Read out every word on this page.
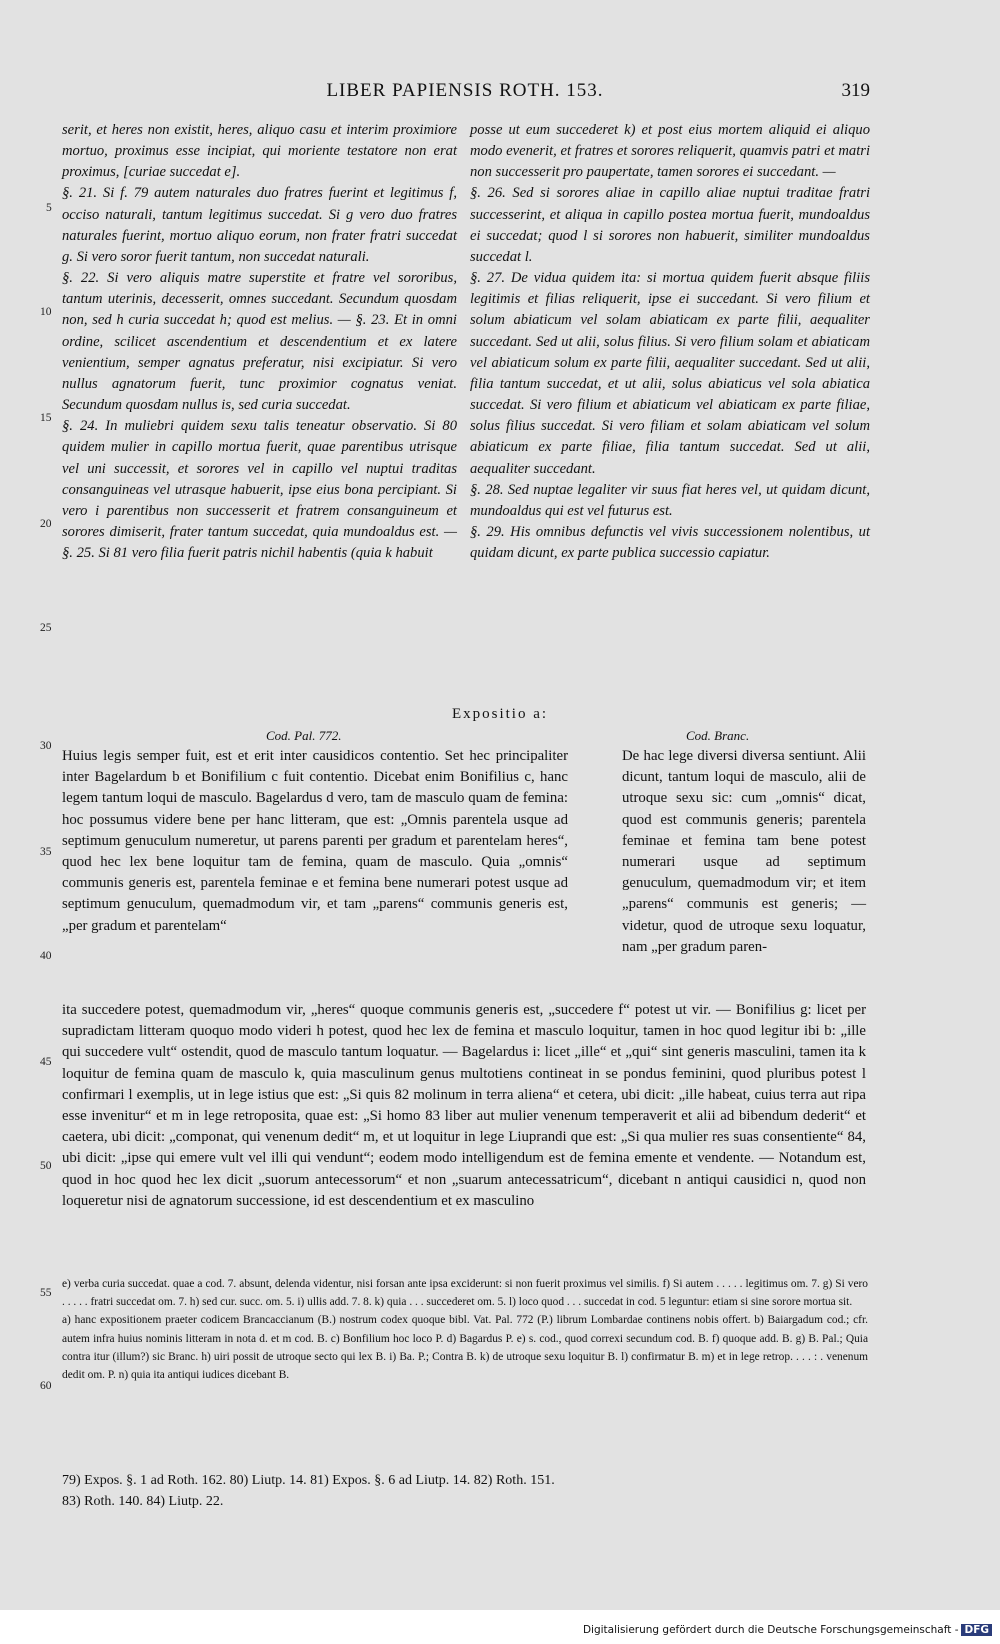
LIBER PAPIENSIS ROTH. 153.	319

serit, et heres non existit, heres, aliquo casu et interim proximiore mortuo, proximus esse incipiat, qui moriente testatore non erat proximus, [curiae succedat e].

§. 21. Si f. 79 autem naturales duo fratres fuerint et legitimus f, occiso naturali, tantum legitimus succedat. Si g vero duo fratres naturales fuerint, mortuo aliquo eorum, non frater fratri succedat g. Si vero soror fuerit tantum, non succedat naturali.

§. 22. Si vero aliquis matre superstite et fratre vel sororibus, tantum uterinis, decesserit, omnes succedant. Secundum quosdam non, sed h curia succedat h; quod est melius. — §. 23. Et in omni ordine, scilicet ascendentium et descendentium et ex latere venientium, semper agnatus preferatur, nisi excipiatur. Si vero nullus agnatorum fuerit, tunc proximior cognatus veniat. Secundum quosdam nullus is, sed curia succedat.

§. 24. In muliebri quidem sexu talis teneatur observatio. Si 80 quidem mulier in capillo mortua fuerit, quae parentibus utrisque vel uni successit, et sorores vel in capillo vel nuptui traditas consanguineas vel utrasque habuerit, ipse eius bona percipiant. Si vero i parentibus non successerit et fratrem consanguineum et sorores dimiserit, frater tantum succedat, quia mundoaldus est. — §. 25. Si 81 vero filia fuerit patris nichil habentis (quia k habuit

posse ut eum succederet k) et post eius mortem aliquid ei aliquo modo evenerit, et fratres et sorores reliquerit, quamvis patri et matri non successerit pro paupertate, tamen sorores ei succedant. —

§. 26. Sed si sorores aliae in capillo aliae nuptui traditae fratri successerint, et aliqua in capillo postea mortua fuerit, mundoaldus ei succedat; quod l si sorores non habuerit, similiter mundoaldus succedat l.

§. 27. De vidua quidem ita: si mortua quidem fuerit absque filiis legitimis et filias reliquerit, ipse ei succedant. Si vero filium et solum abiaticum vel solam abiaticam ex parte filii, aequaliter succedant. Sed ut alii, solus filius. Si vero filium solam et abiaticam vel abiaticum solum ex parte filii, aequaliter succedant. Sed ut alii, filia tantum succedat, et ut alii, solus abiaticus vel sola abiatica succedat. Si vero filium et abiaticum vel abiaticam ex parte filiae, solus filius succedat. Si vero filiam et solam abiaticam vel solum abiaticum ex parte filiae, filia tantum succedat. Sed ut alii, aequaliter succedant.

§. 28. Sed nuptae legaliter vir suus fiat heres vel, ut quidam dicunt, mundoaldus qui est vel futurus est.

§. 29. His omnibus defunctis vel vivis successionem nolentibus, ut quidam dicunt, ex parte publica successio capiatur.

5
10
15
20
25
30
35
40
45
50
55
60
Expositio a:
Cod. Pal. 772.	Cod. Branc.
Huius legis semper fuit, est et erit inter causidicos contentio. Set hec principaliter inter Bagelardum b et Bonifilium c fuit contentio. Dicebat enim Bonifilius c, hanc legem tantum loqui de masculo. Bagelardus d vero, tam de masculo quam de femina: hoc possumus videre bene per hanc litteram, que est: „Omnis parentela usque ad septimum genuculum numeretur, ut parens parenti per gradum et parentelam heres“, quod hec lex bene loquitur tam de femina, quam de masculo. Quia „omnis“ communis generis est, parentela feminae e et femina bene numerari potest usque ad septimum genuculum, quemadmodum vir, et tam „parens“ communis generis est, „per gradum et parentelam“
De hac lege diversi diversa sentiunt. Alii dicunt, tantum loqui de masculo, alii de utroque sexu sic: cum „omnis“ dicat, quod est communis generis; parentela feminae et femina tam bene potest numerari usque ad septimum genuculum, quemadmodum vir; et item „parens“ communis est generis; — videtur, quod de utroque sexu loquatur, nam „per gradum paren-
ita succedere potest, quemadmodum vir, „heres“ quoque communis generis est, „succedere f“ potest ut vir. — Bonifilius g: licet per supradictam litteram quoquo modo videri h potest, quod hec lex de femina et masculo loquitur, tamen in hoc quod legitur ibi b: „ille qui succedere vult“ ostendit, quod de masculo tantum loquatur. — Bagelardus i: licet „ille“ et „qui“ sint generis masculini, tamen ita k loquitur de femina quam de masculo k, quia masculinum genus multotiens contineat in se pondus feminini, quod pluribus potest l confirmari l exemplis, ut in lege istius que est: „Si quis 82 molinum in terra aliena“ et cetera, ubi dicit: „ille habeat, cuius terra aut ripa esse invenitur“ et m in lege retroposita, quae est: „Si homo 83 liber aut mulier venenum temperaverit et alii ad bibendum dederit“ et caetera, ubi dicit: „componat, qui venenum dedit“ m, et ut loquitur in lege Liuprandi que est: „Si qua mulier res suas consentiente“ 84, ubi dicit: „ipse qui emere vult vel illi qui vendunt“; eodem modo intelligendum est de femina emente et vendente. — Notandum est, quod in hoc quod hec lex dicit „suorum antecessorum“ et non „suarum antecessatricum“, dicebant n antiqui causidici n, quod non loqueretur nisi de agnatorum successione, id est descendentium et ex masculino
e) verba curia succedat. quae a cod. 7. absunt, delenda videntur, nisi forsan ante ipsa exciderunt: si non fuerit proximus vel similis. f) Si autem . . . . . legitimus om. 7. g) Si vero . . . . . fratri succedat om. 7. h) sed cur. succ. om. 5. i) ullis add. 7. 8. k) quia . . . succederet om. 5. l) loco quod . . . succedat in cod. 5 leguntur: etiam si sine sorore mortua sit.
a) hanc expositionem praeter codicem Brancaccianum (B.) nostrum codex quoque bibl. Vat. Pal. 772 (P.) librum Lombardae continens nobis offert. b) Baiargadum cod.; cfr. autem infra huius nominis litteram in nota d. et m cod. B. c) Bonfilium hoc loco P. d) Bagardus P. e) s. cod., quod correxi secundum cod. B. f) quoque add. B. g) B. Pal.; Quia contra itur (illum?) sic Branc. h) uiri possit de utroque secto qui lex B. i) Ba. P.; Contra B. k) de utroque sexu loquitur B. l) confirmatur B. m) et in lege retrop. . . . : . venenum dedit om. P. n) quia ita antiqui iudices dicebant B.
79) Expos. §. 1 ad Roth. 162. 80) Liutp. 14. 81) Expos. §. 6 ad Liutp. 14. 82) Roth. 151.
83) Roth. 140. 84) Liutp. 22.
Digitalisierung gefördert durch die Deutsche Forschungsgemeinschaft - DFG
